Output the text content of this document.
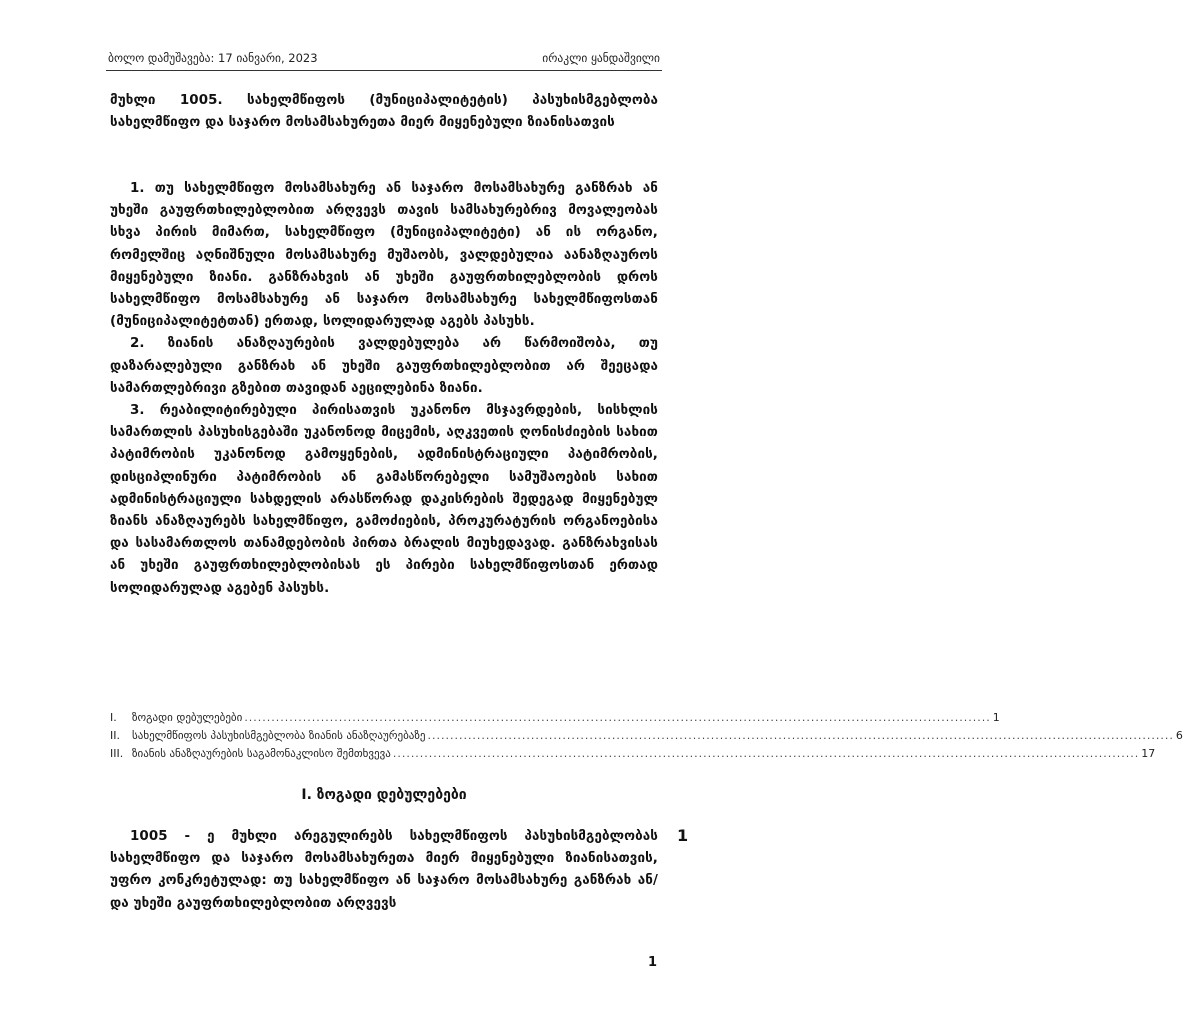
ბოლო დამუშავება: 17 იანვარი, 2023	ირაკლი ყანდაშვილი
მუხლი 1005. სახელმწიფოს (მუნიციპალიტეტის) პასუხისმგებლობა სახელმწიფო და საჯარო მოსამსახურეთა მიერ მიყენებული ზიანისათვის

1. თუ სახელმწიფო მოსამსახურე ან საჯარო მოსამსახურე განზრახ ან უხეში გაუფრთხილებლობით არღვევს თავის სამსახურებრივ მოვალეობას სხვა პირის მიმართ, სახელმწიფო (მუნიციპალიტეტი) ან ის ორგანო, რომელშიც აღნიშნული მოსამსახურე მუშაობს, ვალდებულია აანაზღაუროს მიყენებული ზიანი. განზრახვის ან უხეში გაუფრთხილებლობის დროს სახელმწიფო მოსამსახურე ან საჯარო მოსამსახურე სახელმწიფოსთან (მუნიციპალიტეტთან) ერთად, სოლიდარულად აგებს პასუხს.

2. ზიანის ანაზღაურების ვალდებულება არ წარმოიშობა, თუ დაზარალებული განზრახ ან უხეში გაუფრთხილებლობით არ შეეცადა სამართლებრივი გზებით თავიდან აეცილებინა ზიანი.

3. რეაბილიტირებული პირისათვის უკანონო მსჯავრდების, სისხლის სამართლის პასუხისგებაში უკანონოდ მიცემის, აღკვეთის ღონისძიების სახით პატიმრობის უკანონოდ გამოყენების, ადმინისტრაციული პატიმრობის, დისციპლინური პატიმრობის ან გამასწორებელი სამუშაოების სახით ადმინისტრაციული სახდელის არასწორად დაკისრების შედეგად მიყენებულ ზიანს ანაზღაურებს სახელმწიფო, გამოძიების, პროკურატურის ორგანოებისა და სასამართლოს თანამდებობის პირთა ბრალის მიუხედავად. განზრახვისას ან უხეში გაუფრთხილებლობისას ეს პირები სახელმწიფოსთან ერთად სოლიდარულად აგებენ პასუხს.

I.	ზოგადი დებულებები ...................................................................................................................................................................... 1
II.	სახელმწიფოს პასუხისმგებლობა ზიანის ანაზღაურებაზე ...................................................................................................................................................................... 6
III. ზიანის ანაზღაურების საგამონაკლისო შემთხვევა ...................................................................................................................................................................... 17
I. ზოგადი დებულებები

1005 - ე მუხლი არეგულირებს სახელმწიფოს პასუხისმგებლობას სახელმწიფო და საჯარო მოსამსახურეთა მიერ მიყენებული ზიანისათვის, უფრო კონკრეტულად: თუ სახელმწიფო ან საჯარო მოსამსახურე განზრახ ან/და უხეში გაუფრთხილებლობით არღვევს

1
1
